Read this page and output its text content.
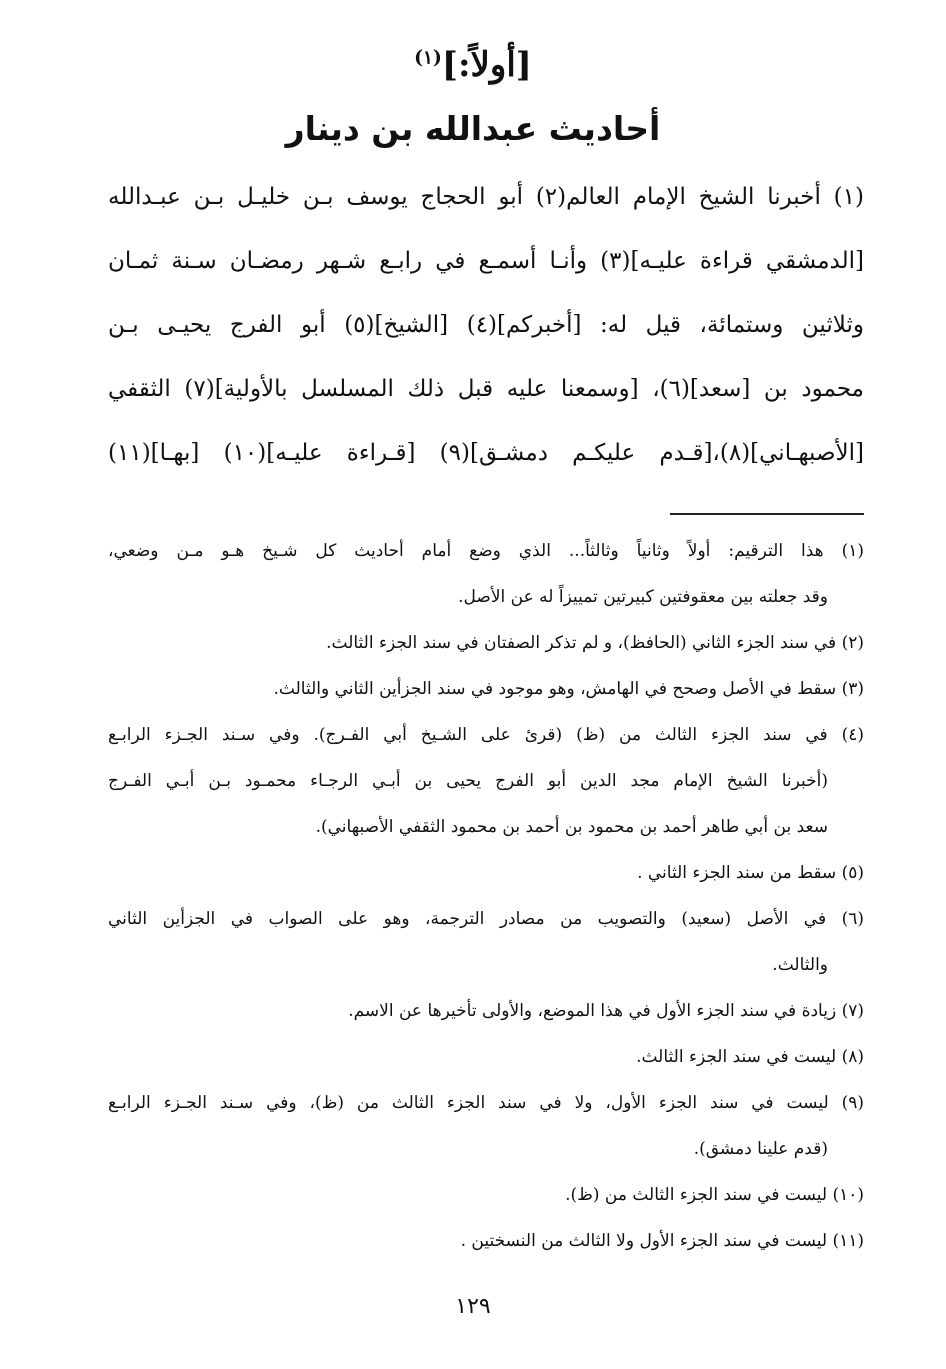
[أولاً:]$^{(١)}$
أحاديث عبدالله بن دينار
(١) أخبرنا الشيخ الإمام العالم(٢) أبو الحجاج يوسف بـن خليـل بـن عبـدالله
[الدمشقي قراءة عليـه](٣) وأنـا أسمـع في رابـع شـهر رمضـان سـنة ثمـان
وثلاثين وستمائة، قيل له: [أخبركم](٤) [الشيخ](٥) أبو الفرج يحيـى بـن
محمود بن [سعد](٦)، [وسمعنا عليه قبل ذلك المسلسل بالأولية](٧) الثقفي
[الأصبهـاني](٨)،[قـدم عليكـم دمشـق](٩) [قـراءة عليـه](١٠) [بهـا](١١)
(١) هذا الترقيم: أولاً وثانياً وثالثاً... الذي وضع أمام أحاديث كل شـيخ هـو مـن وضعي،
وقد جعلته بين معقوفتين كبيرتين تمييزاً له عن الأصل.
(٢) في سند الجزء الثاني (الحافظ)، و لم تذكر الصفتان في سند الجزء الثالث.
(٣) سقط في الأصل وصحح في الهامش، وهو موجود في سند الجزأين الثاني والثالث.
(٤) في سند الجزء الثالث من (ظ) (قرئ على الشـيخ أبي الفـرج). وفي سـند الجـزء الرابـع
(أخبرنا الشيخ الإمام مجد الدين أبو الفرج يحيى بن أبـي الرجـاء محمـود بـن أبـي الفـرج
سعد بن أبي طاهر أحمد بن محمود بن أحمد بن محمود الثقفي الأصبهاني).
(٥) سقط من سند الجزء الثاني .
(٦) في الأصل (سعيد) والتصويب من مصادر الترجمة، وهو على الصواب في الجزأين الثاني
والثالث.
(٧) زيادة في سند الجزء الأول في هذا الموضع، والأولى تأخيرها عن الاسم.
(٨) ليست في سند الجزء الثالث.
(٩) ليست في سند الجزء الأول، ولا في سند الجزء الثالث من (ظ)، وفي سـند الجـزء الرابـع
(قدم علينا دمشق).
(١٠) ليست في سند الجزء الثالث من (ظ).
(١١) ليست في سند الجزء الأول ولا الثالث من النسختين .
١٢٩
